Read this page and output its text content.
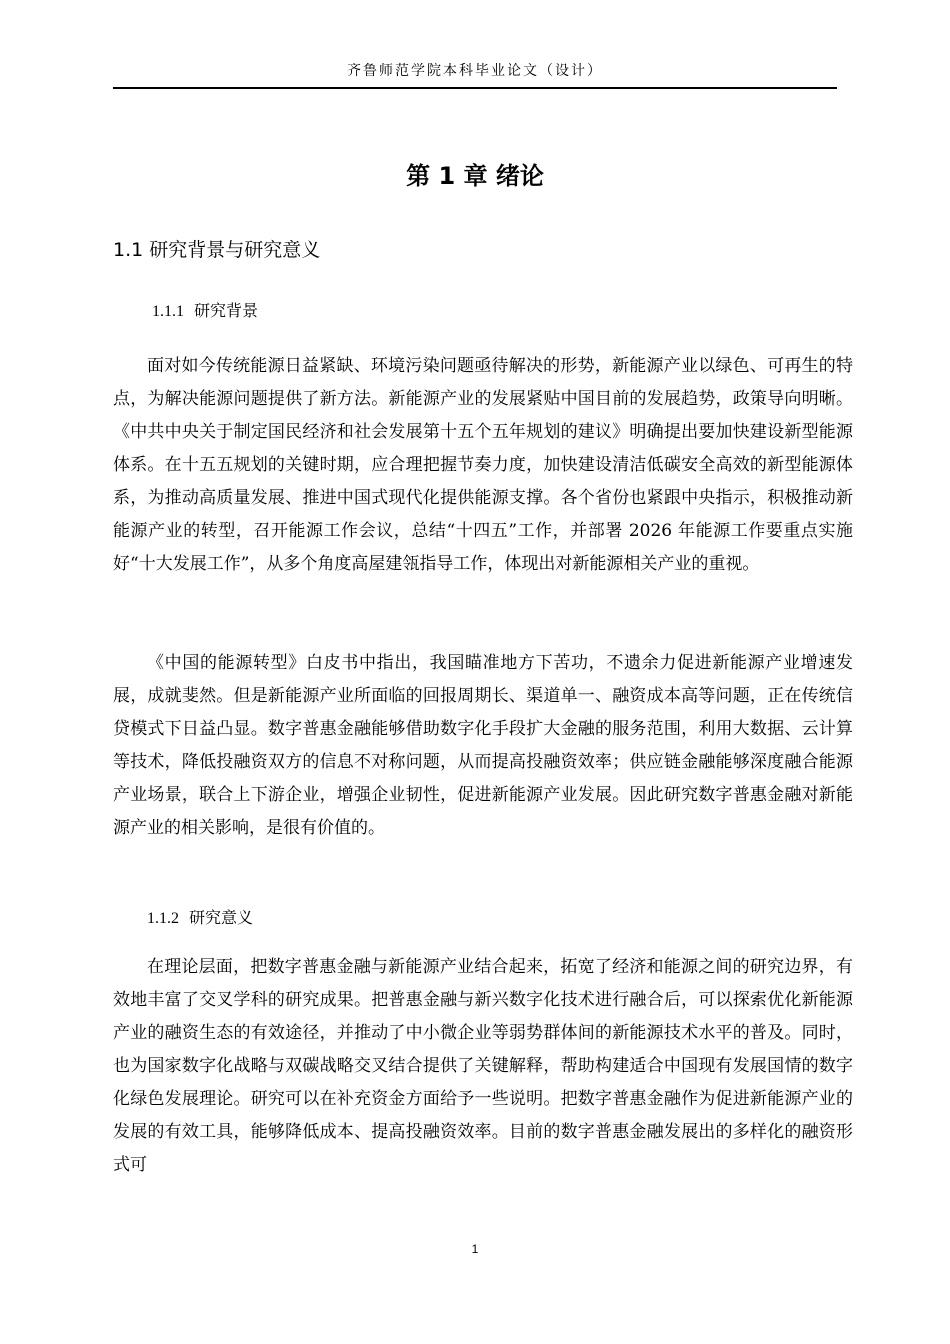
齐鲁师范学院本科毕业论文（设计）
第 1 章 绪论
1.1 研究背景与研究意义
1.1.1 研究背景

面对如今传统能源日益紧缺、环境污染问题亟待解决的形势，新能源产业以绿色、可再生的特点，为解决能源问题提供了新方法。新能源产业的发展紧贴中国目前的发展趋势，政策导向明晰。《中共中央关于制定国民经济和社会发展第十五个五年规划的建议》明确提出要加快建设新型能源体系。在十五五规划的关键时期，应合理把握节奏力度，加快建设清洁低碳安全高效的新型能源体系，为推动高质量发展、推进中国式现代化提供能源支撑。各个省份也紧跟中央指示，积极推动新能源产业的转型，召开能源工作会议，总结“十四五”工作，并部署 2026 年能源工作要重点实施好“十大发展工作”，从多个角度高屋建瓴指导工作，体现出对新能源相关产业的重视。

《中国的能源转型》白皮书中指出，我国瞄准地方下苦功，不遗余力促进新能源产业增速发展，成就斐然。但是新能源产业所面临的回报周期长、渠道单一、融资成本高等问题，正在传统信贷模式下日益凸显。数字普惠金融能够借助数字化手段扩大金融的服务范围，利用大数据、云计算等技术，降低投融资双方的信息不对称问题，从而提高投融资效率；供应链金融能够深度融合能源产业场景，联合上下游企业，增强企业韧性，促进新能源产业发展。因此研究数字普惠金融对新能源产业的相关影响，是很有价值的。

1.1.2 研究意义

在理论层面，把数字普惠金融与新能源产业结合起来，拓宽了经济和能源之间的研究边界，有效地丰富了交叉学科的研究成果。把普惠金融与新兴数字化技术进行融合后，可以探索优化新能源产业的融资生态的有效途径，并推动了中小微企业等弱势群体间的新能源技术水平的普及。同时，也为国家数字化战略与双碳战略交叉结合提供了关键解释，帮助构建适合中国现有发展国情的数字化绿色发展理论。研究可以在补充资金方面给予一些说明。把数字普惠金融作为促进新能源产业的发展的有效工具，能够降低成本、提高投融资效率。目前的数字普惠金融发展出的多样化的融资形式可

1
